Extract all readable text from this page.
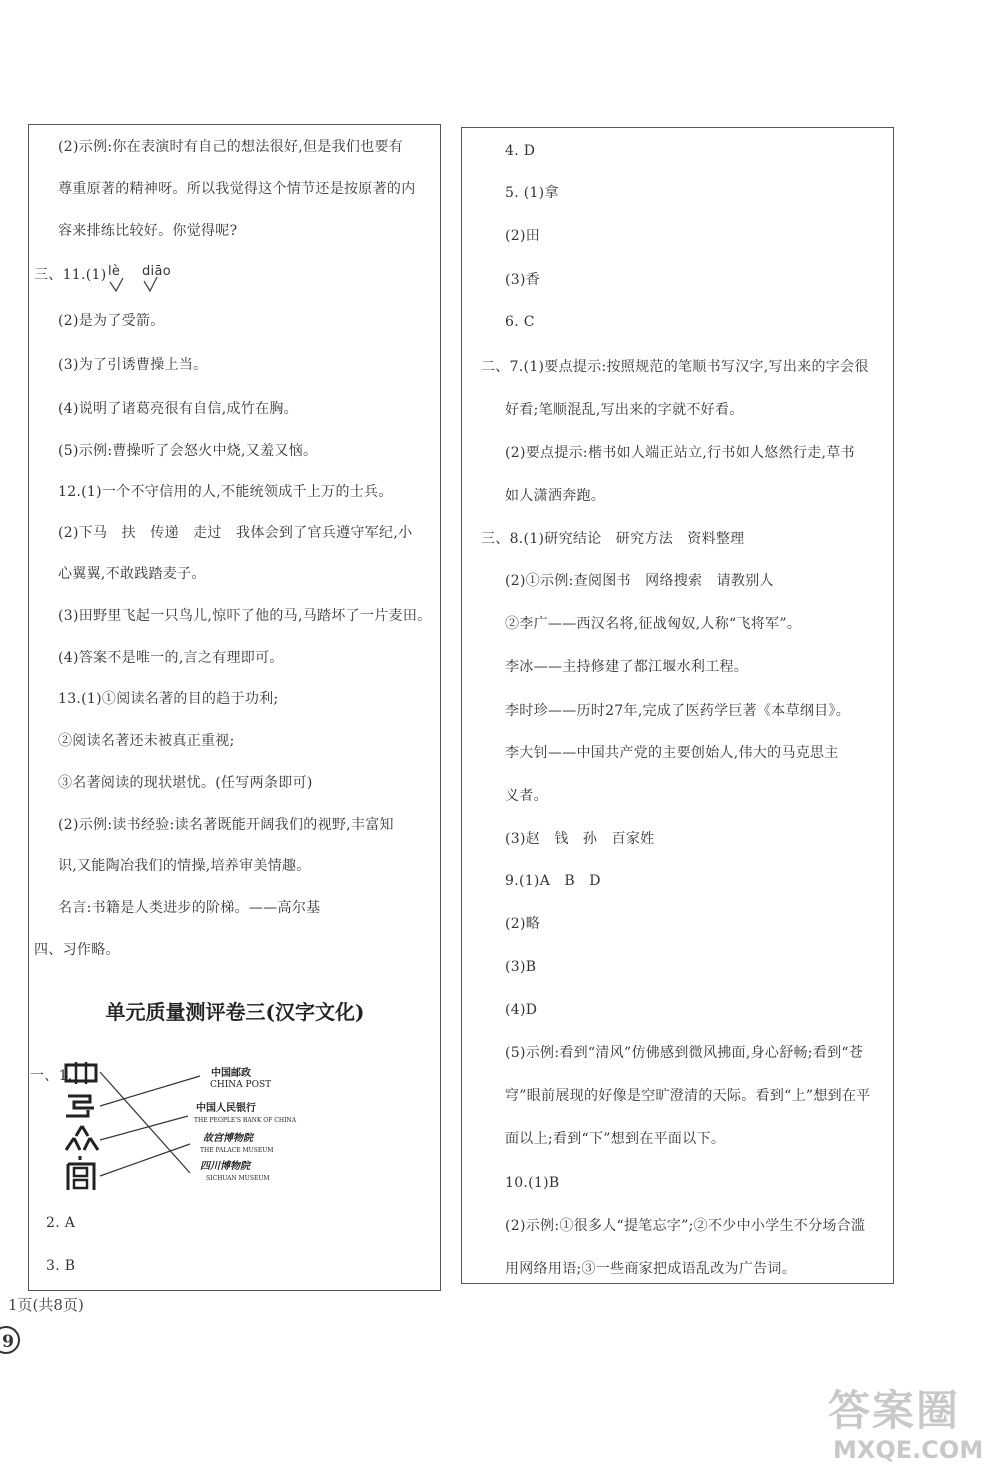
(2)示例:你在表演时有自己的想法很好,但是我们也要有
尊重原著的精神呀。所以我觉得这个情节还是按原著的内
容来排练比较好。你觉得呢?
三、11.(1) lè diāo
(2)是为了受箭。
(3)为了引诱曹操上当。
(4)说明了诸葛亮很有自信,成竹在胸。
(5)示例:曹操听了会怒火中烧,又羞又恼。
12.(1)一个不守信用的人,不能统领成千上万的士兵。
(2)下马　扶　传递　走过　我体会到了官兵遵守军纪,小
心翼翼,不敢践踏麦子。
(3)田野里飞起一只鸟儿,惊吓了他的马,马踏坏了一片麦田。
(4)答案不是唯一的,言之有理即可。
13.(1)①阅读名著的目的趋于功利;
②阅读名著还未被真正重视;
③名著阅读的现状堪忧。(任写两条即可)
(2)示例:读书经验:读名著既能开阔我们的视野,丰富知
识,又能陶冶我们的情操,培养审美情趣。
名言:书籍是人类进步的阶梯。——高尔基
四、习作略。
单元质量测评卷三(汉字文化)
一、1.	中国邮政
CHINA POST
中国人民银行
THE PEOPLE'S BANK OF CHINA
故宫博物院
THE PALACE MUSEUM
四川博物院
SICHUAN MUSEUM
2. A
3. B
4. D
5. (1)拿
(2)田
(3)香
6. C
二、7.(1)要点提示:按照规范的笔顺书写汉字,写出来的字会很
好看;笔顺混乱,写出来的字就不好看。
(2)要点提示:楷书如人端正站立,行书如人悠然行走,草书
如人潇洒奔跑。
三、8.(1)研究结论　研究方法　资料整理
(2)①示例:查阅图书　网络搜索　请教别人
②李广——西汉名将,征战匈奴,人称“飞将军”。
李冰——主持修建了都江堰水利工程。
李时珍——历时27年,完成了医药学巨著《本草纲目》。
李大钊——中国共产党的主要创始人,伟大的马克思主
义者。
(3)赵　钱　孙　百家姓
9.(1)A　B　D
(2)略
(3)B
(4)D
(5)示例:看到“清风”仿佛感到微风拂面,身心舒畅;看到“苍
穹”眼前展现的好像是空旷澄清的天际。看到“上”想到在平
面以上;看到“下”想到在平面以下。
10.(1)B
(2)示例:①很多人“提笔忘字”;②不少中小学生不分场合滥
用网络用语;③一些商家把成语乱改为广告词。
1页(共8页)
9
答案圈
MXQE.COM
